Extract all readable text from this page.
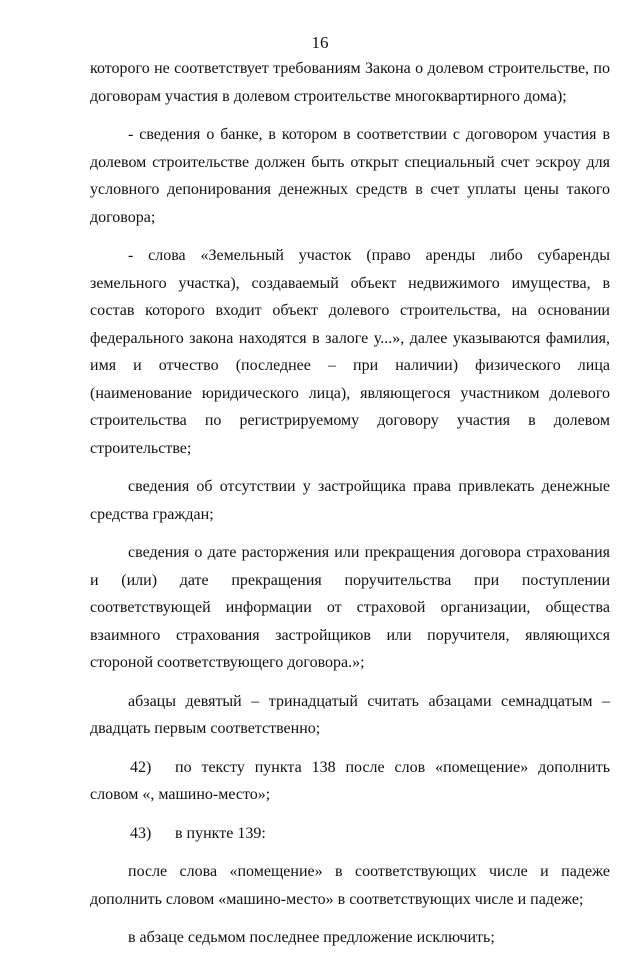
16

которого не соответствует требованиям Закона о долевом строительстве, по договорам участия в долевом строительстве многоквартирного дома);

- сведения о банке, в котором в соответствии с договором участия в долевом строительстве должен быть открыт специальный счет эскроу для условного депонирования денежных средств в счет уплаты цены такого договора;

- слова «Земельный участок (право аренды либо субаренды земельного участка), создаваемый объект недвижимого имущества, в состав которого входит объект долевого строительства, на основании федерального закона находятся в залоге у...», далее указываются фамилия, имя и отчество (последнее – при наличии) физического лица (наименование юридического лица), являющегося участником долевого строительства по регистрируемому договору участия в долевом строительстве;

сведения об отсутствии у застройщика права привлекать денежные средства граждан;

сведения о дате расторжения или прекращения договора страхования и (или) дате прекращения поручительства при поступлении соответствующей информации от страховой организации, общества взаимного страхования застройщиков или поручителя, являющихся стороной соответствующего договора.»;

абзацы девятый – тринадцатый считать абзацами семнадцатым – двадцать первым соответственно;

42) по тексту пункта 138 после слов «помещение» дополнить словом «, машино-место»;

43) в пункте 139:

после слова «помещение» в соответствующих числе и падеже дополнить словом «машино-место» в соответствующих числе и падеже;

в абзаце седьмом последнее предложение исключить;
